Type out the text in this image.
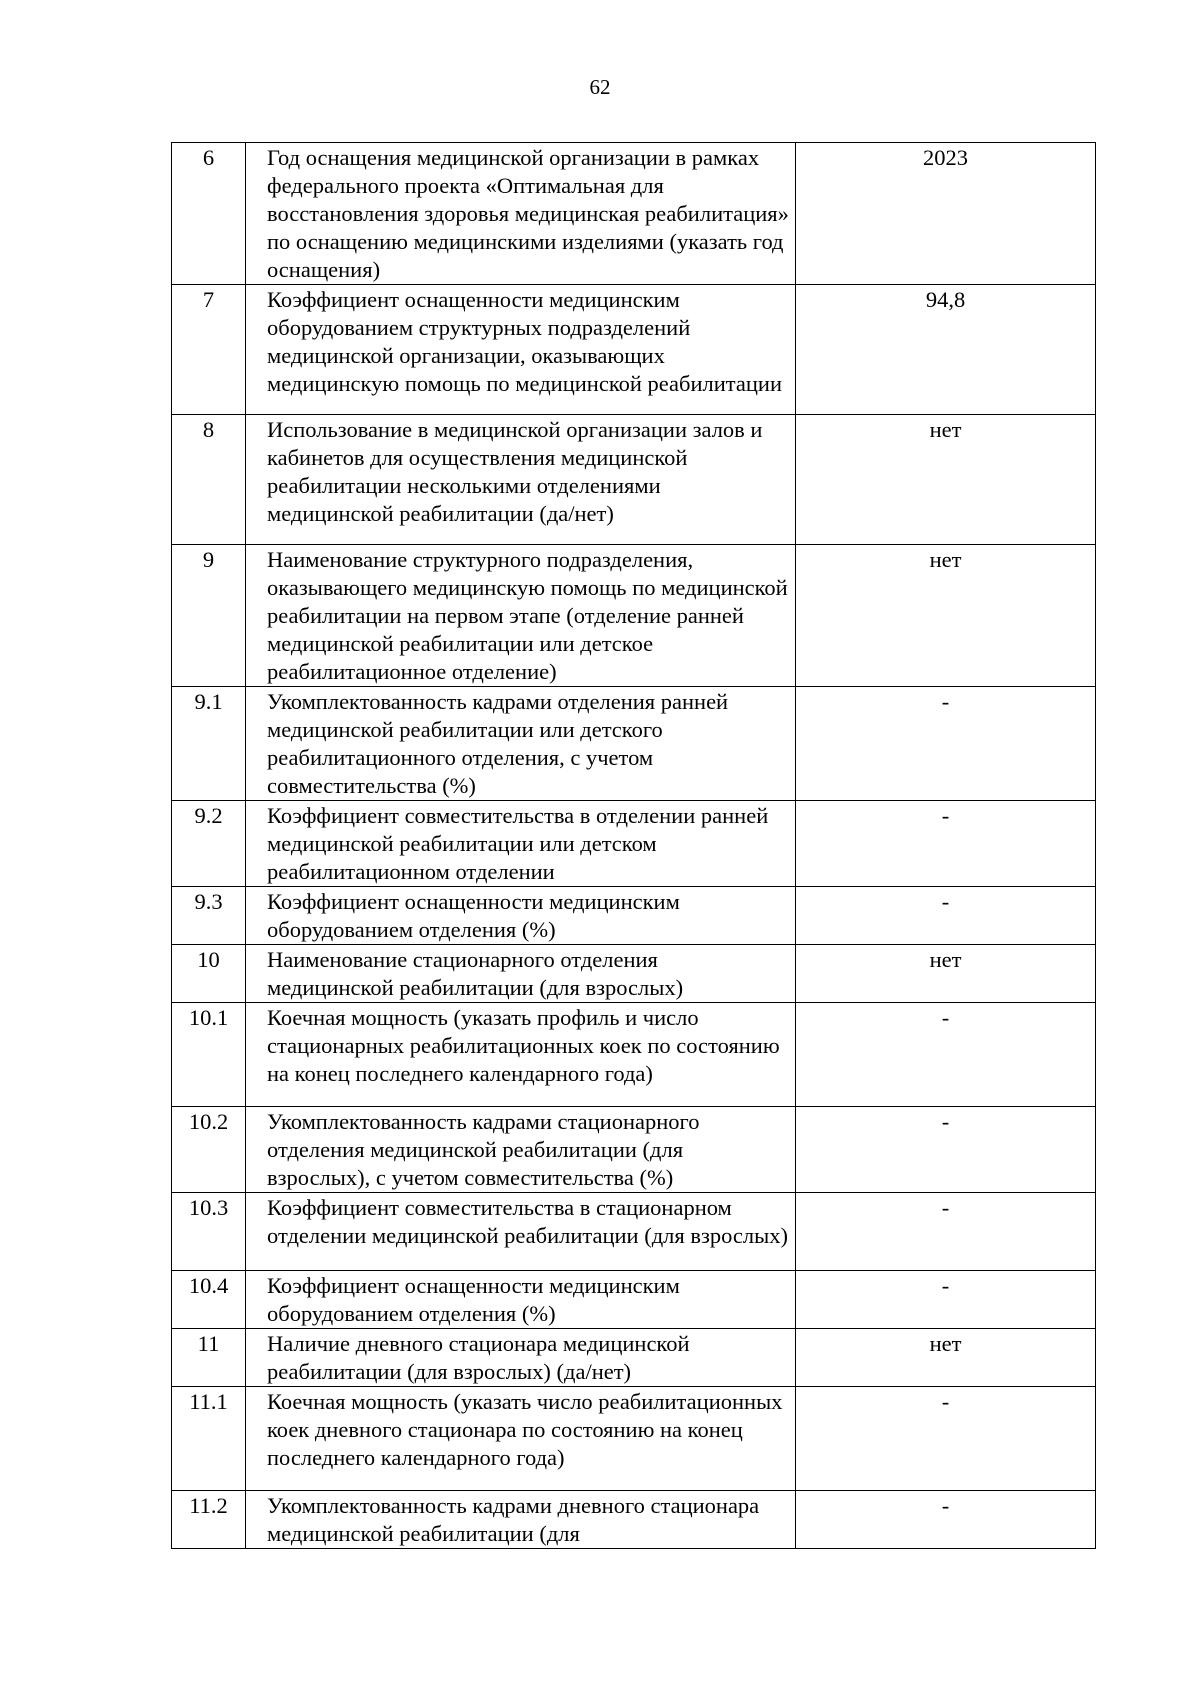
62
6	Год оснащения медицинской организации в рамках федерального проекта «Оптимальная для восстановления здоровья медицинская реабилитация» по оснащению медицинскими изделиями (указать год оснащения)	2023

7	Коэффициент оснащенности медицинским оборудованием структурных подразделений медицинской организации, оказывающих медицинскую помощь по медицинской реабилитации	94,8

8	Использование в медицинской организации залов и кабинетов для осуществления медицинской реабилитации несколькими отделениями медицинской реабилитации (да/нет)	нет

9	Наименование структурного подразделения, оказывающего медицинскую помощь по медицинской реабилитации на первом этапе (отделение ранней медицинской реабилитации или детское реабилитационное отделение)	нет

9.1	Укомплектованность кадрами отделения ранней медицинской реабилитации или детского реабилитационного отделения, с учетом совместительства (%)	-

9.2	Коэффициент совместительства в отделении ранней медицинской реабилитации или детском реабилитационном отделении	-

9.3	Коэффициент оснащенности медицинским оборудованием отделения (%)	-

10	Наименование стационарного отделения медицинской реабилитации (для взрослых)	нет

10.1	Коечная мощность (указать профиль и число стационарных реабилитационных коек по состоянию на конец последнего календарного года)	-

10.2	Укомплектованность кадрами стационарного отделения медицинской реабилитации (для взрослых), с учетом совместительства (%)	-

10.3	Коэффициент совместительства в стационарном отделении медицинской реабилитации (для взрослых)	-

10.4	Коэффициент оснащенности медицинским оборудованием отделения (%)	-

11	Наличие дневного стационара медицинской реабилитации (для взрослых) (да/нет)	нет

11.1	Коечная мощность (указать число реабилитационных коек дневного стационара по состоянию на конец последнего календарного года)	-

11.2	Укомплектованность кадрами дневного стационара медицинской реабилитации (для	-
